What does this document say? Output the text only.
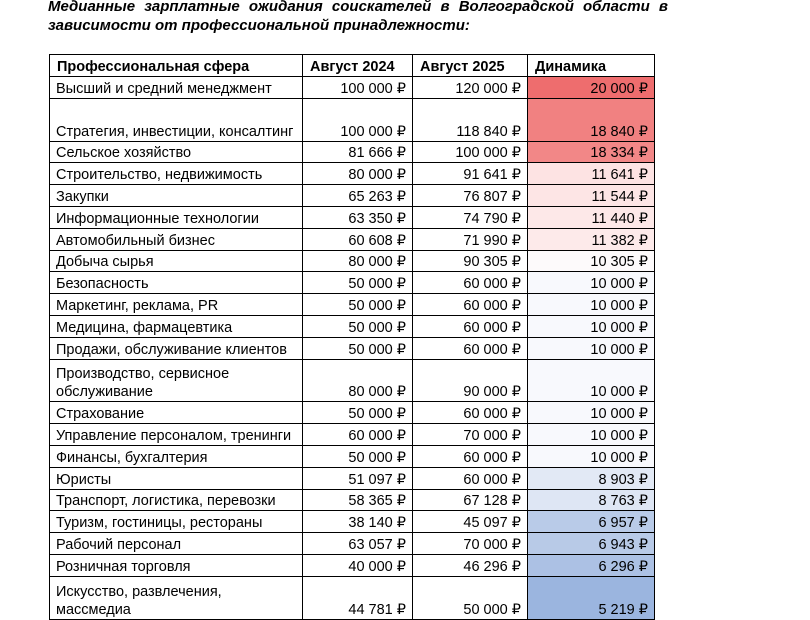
Медианные зарплатные ожидания соискателей в Волгоградской области в зависимости от профессиональной принадлежности:

Профессиональная сфера	Август 2024	Август 2025	Динамика
Высший и средний менеджмент	100 000 ₽	120 000 ₽	20 000 ₽
Стратегия, инвестиции, консалтинг	100 000 ₽	118 840 ₽	18 840 ₽
Сельское хозяйство	81 666 ₽	100 000 ₽	18 334 ₽
Строительство, недвижимость	80 000 ₽	91 641 ₽	11 641 ₽
Закупки	65 263 ₽	76 807 ₽	11 544 ₽
Информационные технологии	63 350 ₽	74 790 ₽	11 440 ₽
Автомобильный бизнес	60 608 ₽	71 990 ₽	11 382 ₽
Добыча сырья	80 000 ₽	90 305 ₽	10 305 ₽
Безопасность	50 000 ₽	60 000 ₽	10 000 ₽
Маркетинг, реклама, PR	50 000 ₽	60 000 ₽	10 000 ₽
Медицина, фармацевтика	50 000 ₽	60 000 ₽	10 000 ₽
Продажи, обслуживание клиентов	50 000 ₽	60 000 ₽	10 000 ₽
Производство, сервисное обслуживание	80 000 ₽	90 000 ₽	10 000 ₽
Страхование	50 000 ₽	60 000 ₽	10 000 ₽
Управление персоналом, тренинги	60 000 ₽	70 000 ₽	10 000 ₽
Финансы, бухгалтерия	50 000 ₽	60 000 ₽	10 000 ₽
Юристы	51 097 ₽	60 000 ₽	8 903 ₽
Транспорт, логистика, перевозки	58 365 ₽	67 128 ₽	8 763 ₽
Туризм, гостиницы, рестораны	38 140 ₽	45 097 ₽	6 957 ₽
Рабочий персонал	63 057 ₽	70 000 ₽	6 943 ₽
Розничная торговля	40 000 ₽	46 296 ₽	6 296 ₽
Искусство, развлечения, массмедиа	44 781 ₽	50 000 ₽	5 219 ₽
